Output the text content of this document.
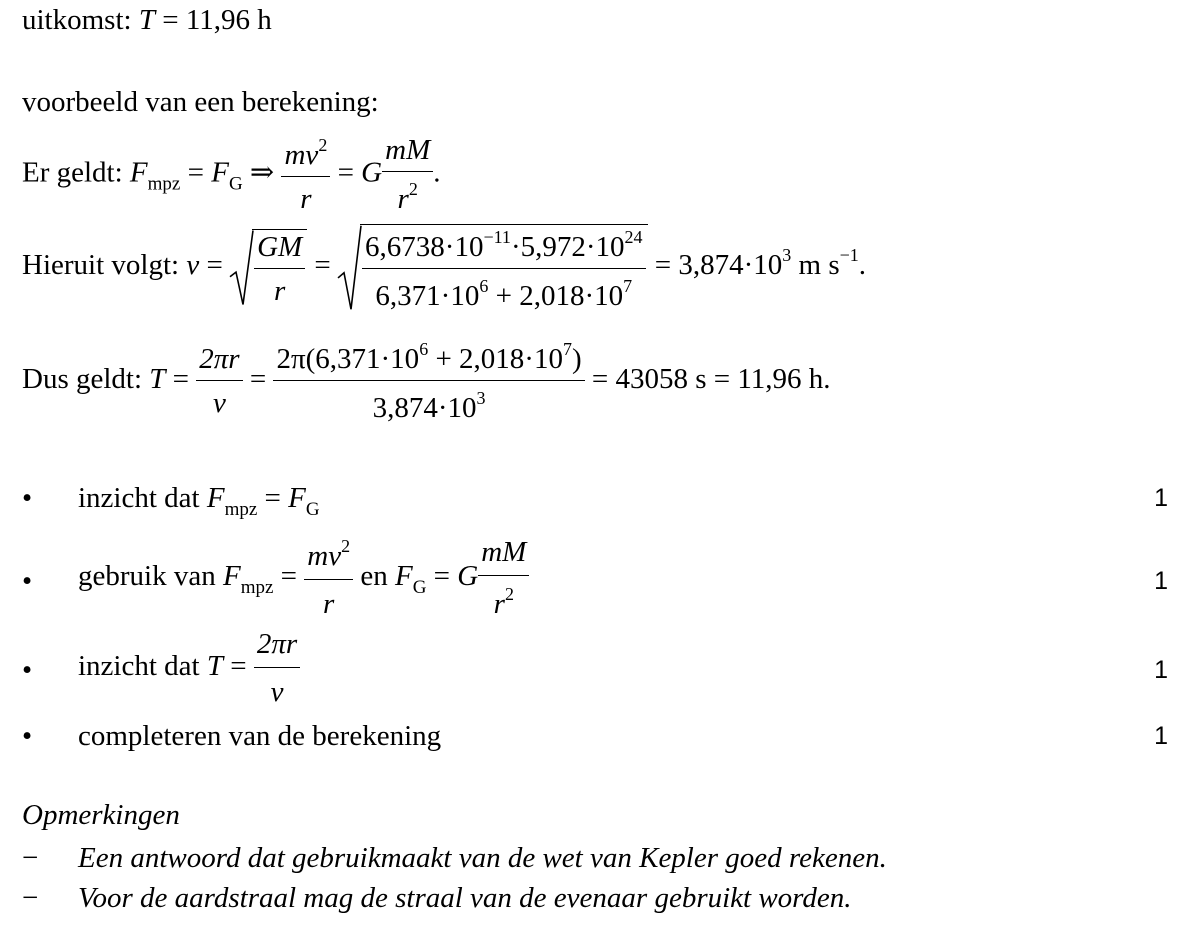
uitkomst: T = 11,96 h
voorbeeld van een berekening:
Er geldt: $F_{mpz} = F_G$ ⇒ $\frac{mv^2}{r} = G \frac{mM}{r^2}$ .
Hieruit volgt: $v = \frac{GM}{r} = \frac{6,6738\cdot 10^{-11}\cdot 5,972\cdot 10^{24}}{6,371\cdot 10^6 + 2,018\cdot 10^7} = 3,874\cdot 10^3$ m $s^{-1}$.
Dus geldt: $T = \frac{2\pi r}{v} = \frac{2\pi(6,371\cdot 10^6 + 2,018\cdot 10^7)}{3,874\cdot 10^3} = 43058$ s = 11,96 h.
• inzicht dat $F_{mpz} = F_G$	1
• gebruik van $F_{mpz} = \frac{mv^2}{r}$ en $F_G = G \frac{mM}{r^2}$	1
• inzicht dat $T = \frac{2\pi r}{v}$	1
• completeren van de berekening	1
Opmerkingen
− Een antwoord dat gebruikmaakt van de wet van Kepler goed rekenen.
− Voor de aardstraal mag de straal van de evenaar gebruikt worden.
